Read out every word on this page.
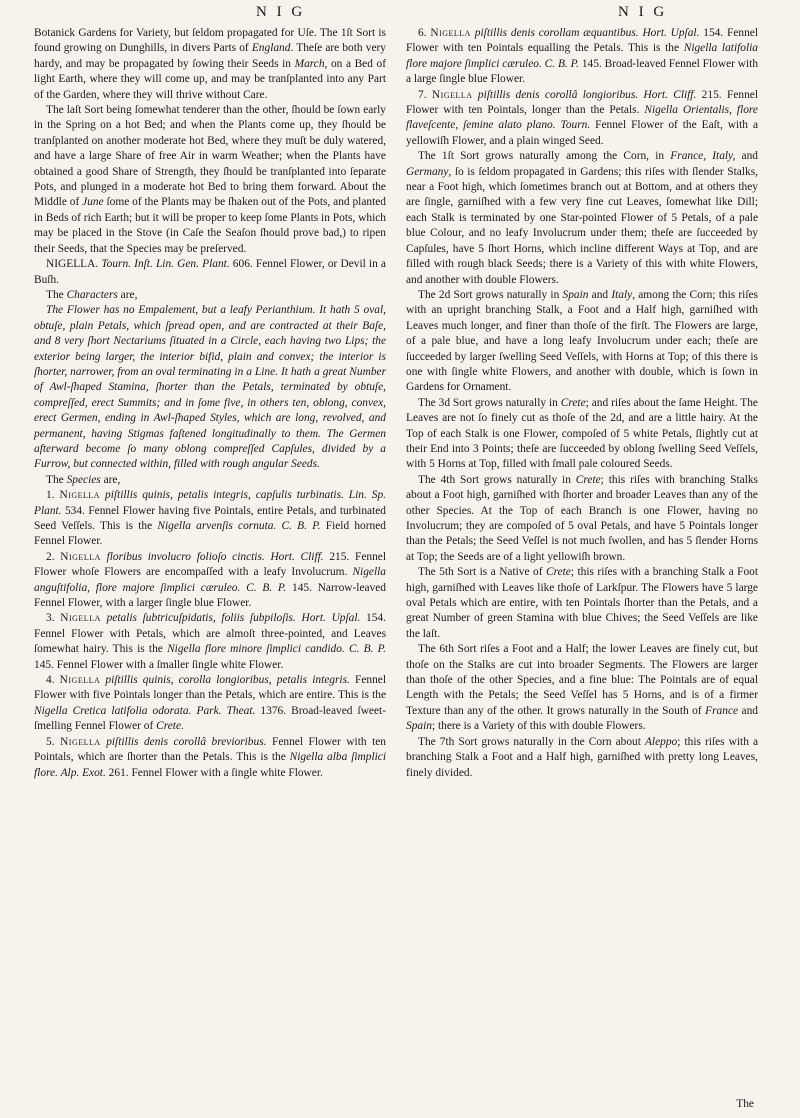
N I G	N I G

Botanick Gardens for Variety, but ſeldom propagated for Uſe. The 1ſt Sort is found growing on Dunghills, in divers Parts of England. Theſe are both very hardy, and may be propagated by ſowing their Seeds in March, on a Bed of light Earth, where they will come up, and may be tranſplanted into any Part of the Garden, where they will thrive without Care.

The laſt Sort being ſomewhat tenderer than the other, ſhould be ſown early in the Spring on a hot Bed; and when the Plants come up, they ſhould be tranſplanted on another moderate hot Bed, where they muſt be duly watered, and have a large Share of free Air in warm Weather; when the Plants have obtained a good Share of Strength, they ſhould be tranſplanted into ſeparate Pots, and plunged in a moderate hot Bed to bring them forward. About the Middle of June ſome of the Plants may be ſhaken out of the Pots, and planted in Beds of rich Earth; but it will be proper to keep ſome Plants in Pots, which may be placed in the Stove (in Caſe the Seaſon ſhould prove bad,) to ripen their Seeds, that the Species may be preſerved.

NIGELLA. Tourn. Inſt. Lin. Gen. Plant. 606. Fennel Flower, or Devil in a Buſh.

The Characters are,

The Flower has no Empalement, but a leafy Perianthium. It hath 5 oval, obtuſe, plain Petals, which ſpread open, and are contracted at their Baſe, and 8 very ſhort Nectariums ſituated in a Circle, each having two Lips; the exterior being larger, the interior bifid, plain and convex; the interior is ſhorter, narrower, from an oval terminating in a Line. It hath a great Number of Awl-ſhaped Stamina, ſhorter than the Petals, terminated by obtuſe, compreſſed, erect Summits; and in ſome five, in others ten, oblong, convex, erect Germen, ending in Awl-ſhaped Styles, which are long, revolved, and permanent, having Stigmas faſtened longitudinally to them. The Germen afterward become ſo many oblong compreſſed Capſules, divided by a Furrow, but connected within, filled with rough angular Seeds.

The Species are,

1. Nigella piſtillis quinis, petalis integris, capſulis turbinatis. Lin. Sp. Plant. 534. Fennel Flower having five Pointals, entire Petals, and turbinated Seed Veſſels. This is the Nigella arvenſis cornuta. C. B. P. Field horned Fennel Flower.

2. Nigella floribus involucro folioſo cinctis. Hort. Cliff. 215. Fennel Flower whoſe Flowers are encompaſſed with a leafy Involucrum. Nigella anguſtifolia, flore majore ſimplici cæruleo. C. B. P. 145. Narrow-leaved Fennel Flower, with a larger ſingle blue Flower.

3. Nigella petalis ſubtricuſpidatis, foliis ſubpiloſis. Hort. Upſal. 154. Fennel Flower with Petals, which are almoſt three-pointed, and Leaves ſomewhat hairy. This is the Nigella flore minore ſimplici candido. C. B. P. 145. Fennel Flower with a ſmaller ſingle white Flower.

4. Nigella piſtillis quinis, corolla longioribus, petalis integris. Fennel Flower with five Pointals longer than the Petals, which are entire. This is the Nigella Cretica latifolia odorata. Park. Theat. 1376. Broad-leaved ſweet-ſmelling Fennel Flower of Crete.

5. Nigella piſtillis denis corollâ brevioribus. Fennel Flower with ten Pointals, which are ſhorter than the Petals. This is the Nigella alba ſimplici flore. Alp. Exot. 261. Fennel Flower with a ſingle white Flower.

6. Nigella piſtillis denis corollam æquantibus. Hort. Upſal. 154. Fennel Flower with ten Pointals equalling the Petals. This is the Nigella latifolia flore majore ſimplici cæruleo. C. B. P. 145. Broad-leaved Fennel Flower with a large ſingle blue Flower.

7. Nigella piſtillis denis corollâ longioribus. Hort. Cliff. 215. Fennel Flower with ten Pointals, longer than the Petals. Nigella Orientalis, flore flaveſcente, ſemine alato plano. Tourn. Fennel Flower of the Eaſt, with a yellowiſh Flower, and a plain winged Seed.

The 1ſt Sort grows naturally among the Corn, in France, Italy, and Germany, ſo is ſeldom propagated in Gardens; this riſes with ſlender Stalks, near a Foot high, which ſometimes branch out at Bottom, and at others they are ſingle, garniſhed with a few very fine cut Leaves, ſomewhat like Dill; each Stalk is terminated by one Star-pointed Flower of 5 Petals, of a pale blue Colour, and no leafy Involucrum under them; theſe are ſucceeded by Capſules, have 5 ſhort Horns, which incline different Ways at Top, and are filled with rough black Seeds; there is a Variety of this with white Flowers, and another with double Flowers.

The 2d Sort grows naturally in Spain and Italy, among the Corn; this riſes with an upright branching Stalk, a Foot and a Half high, garniſhed with Leaves much longer, and finer than thoſe of the firſt. The Flowers are large, of a pale blue, and have a long leafy Involucrum under each; theſe are ſucceeded by larger ſwelling Seed Veſſels, with Horns at Top; of this there is one with ſingle white Flowers, and another with double, which is ſown in Gardens for Ornament.

The 3d Sort grows naturally in Crete; and riſes about the ſame Height. The Leaves are not ſo finely cut as thoſe of the 2d, and are a little hairy. At the Top of each Stalk is one Flower, compoſed of 5 white Petals, ſlightly cut at their End into 3 Points; theſe are ſucceeded by oblong ſwelling Seed Veſſels, with 5 Horns at Top, filled with ſmall pale coloured Seeds.

The 4th Sort grows naturally in Crete; this riſes with branching Stalks about a Foot high, garniſhed with ſhorter and broader Leaves than any of the other Species. At the Top of each Branch is one Flower, having no Involucrum; they are compoſed of 5 oval Petals, and have 5 Pointals longer than the Petals; the Seed Veſſel is not much ſwollen, and has 5 ſlender Horns at Top; the Seeds are of a light yellowiſh brown.

The 5th Sort is a Native of Crete; this riſes with a branching Stalk a Foot high, garniſhed with Leaves like thoſe of Larkſpur. The Flowers have 5 large oval Petals which are entire, with ten Pointals ſhorter than the Petals, and a great Number of green Stamina with blue Chives; the Seed Veſſels are like the laſt.

The 6th Sort riſes a Foot and a Half; the lower Leaves are finely cut, but thoſe on the Stalks are cut into broader Segments. The Flowers are larger than thoſe of the other Species, and a fine blue: The Pointals are of equal Length with the Petals; the Seed Veſſel has 5 Horns, and is of a firmer Texture than any of the other. It grows naturally in the South of France and Spain; there is a Variety of this with double Flowers.

The 7th Sort grows naturally in the Corn about Aleppo; this riſes with a branching Stalk a Foot and a Half high, garniſhed with pretty long Leaves, finely divided.

The
